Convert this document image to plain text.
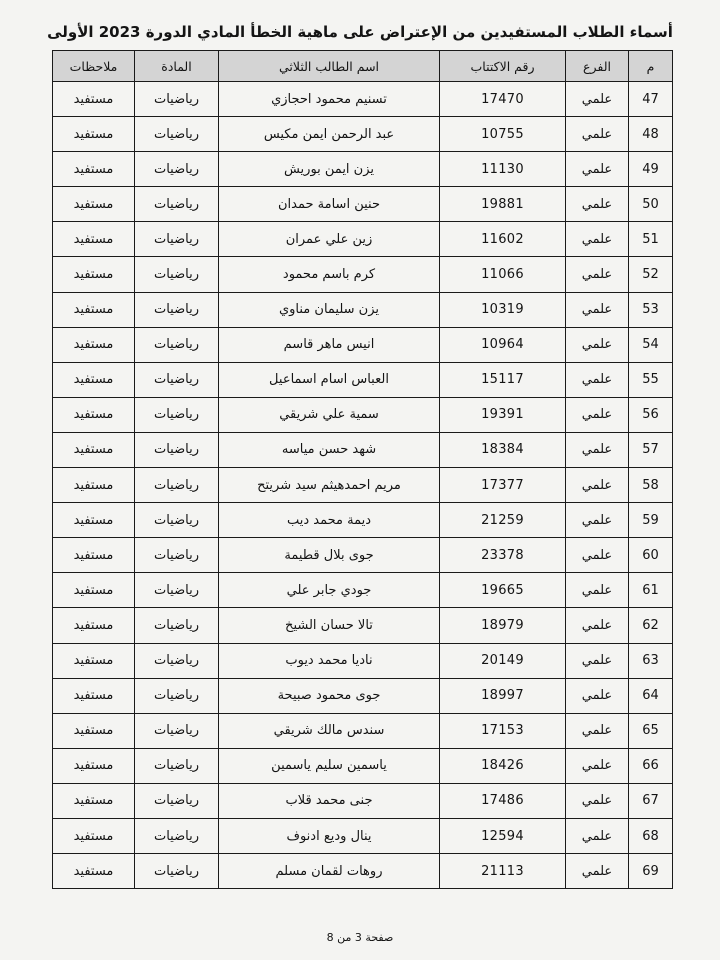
أسماء الطلاب المستفيدين من الإعتراض على ماهية الخطأ المادي الدورة 2023 الأولى
م	الفرع	رقم الاكتتاب	اسم الطالب الثلاثي	المادة	ملاحظات
47	علمي	17470	تسنيم محمود احجازي	رياضيات	مستفيد
48	علمي	10755	عبد الرحمن ايمن مكيس	رياضيات	مستفيد
49	علمي	11130	يزن ايمن بوريش	رياضيات	مستفيد
50	علمي	19881	حنين اسامة حمدان	رياضيات	مستفيد
51	علمي	11602	زين علي عمران	رياضيات	مستفيد
52	علمي	11066	كرم باسم محمود	رياضيات	مستفيد
53	علمي	10319	يزن سليمان مناوي	رياضيات	مستفيد
54	علمي	10964	انيس ماهر قاسم	رياضيات	مستفيد
55	علمي	15117	العباس اسام اسماعيل	رياضيات	مستفيد
56	علمي	19391	سمية علي شريقي	رياضيات	مستفيد
57	علمي	18384	شهد حسن مياسه	رياضيات	مستفيد
58	علمي	17377	مريم احمدهيثم سيد شريتح	رياضيات	مستفيد
59	علمي	21259	ديمة محمد ديب	رياضيات	مستفيد
60	علمي	23378	جوى بلال قطيمة	رياضيات	مستفيد
61	علمي	19665	جودي جابر علي	رياضيات	مستفيد
62	علمي	18979	تالا حسان الشيخ	رياضيات	مستفيد
63	علمي	20149	ناديا محمد ديوب	رياضيات	مستفيد
64	علمي	18997	جوى محمود صبيحة	رياضيات	مستفيد
65	علمي	17153	سندس مالك شريقي	رياضيات	مستفيد
66	علمي	18426	ياسمين سليم ياسمين	رياضيات	مستفيد
67	علمي	17486	جنى محمد قلاب	رياضيات	مستفيد
68	علمي	12594	ينال وديع ادنوف	رياضيات	مستفيد
69	علمي	21113	روهات لقمان مسلم	رياضيات	مستفيد
صفحة 3 من 8
